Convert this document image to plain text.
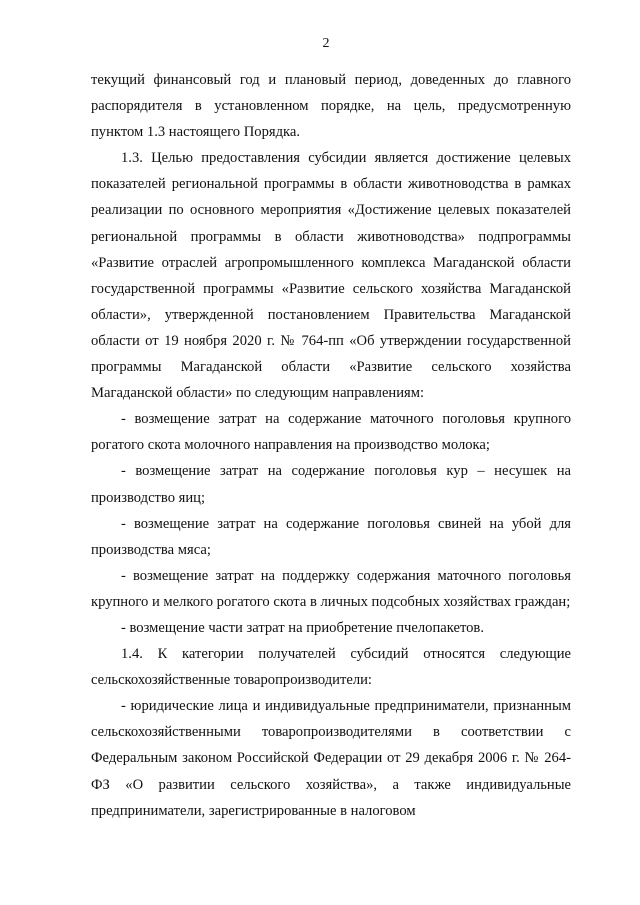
2

текущий финансовый год и плановый период, доведенных до главного распорядителя в установленном порядке, на цель, предусмотренную пунктом 1.3 настоящего Порядка.

1.3. Целью предоставления субсидии является достижение целевых показателей региональной программы в области животноводства в рамках реализации по основного мероприятия «Достижение целевых показателей региональной программы в области животноводства» подпрограммы «Развитие отраслей агропромышленного комплекса Магаданской области государственной программы «Развитие сельского хозяйства Магаданской области», утвержденной постановлением Правительства Магаданской области от 19 ноября 2020 г. № 764-пп «Об утверждении государственной программы Магаданской области «Развитие сельского хозяйства Магаданской области» по следующим направлениям:

- возмещение затрат на содержание маточного поголовья крупного рогатого скота молочного направления на производство молока;

- возмещение затрат на содержание поголовья кур – несушек на производство яиц;

- возмещение затрат на содержание поголовья свиней на убой для производства мяса;

- возмещение затрат на поддержку содержания маточного поголовья крупного и мелкого рогатого скота в личных подсобных хозяйствах граждан;

- возмещение части затрат на приобретение пчелопакетов.

1.4. К категории получателей субсидий относятся следующие сельскохозяйственные товаропроизводители:

- юридические лица и индивидуальные предприниматели, признанным сельскохозяйственными товаропроизводителями в соответствии с Федеральным законом Российской Федерации от 29 декабря 2006 г. № 264-ФЗ «О развитии сельского хозяйства», а также индивидуальные предприниматели, зарегистрированные в налоговом
